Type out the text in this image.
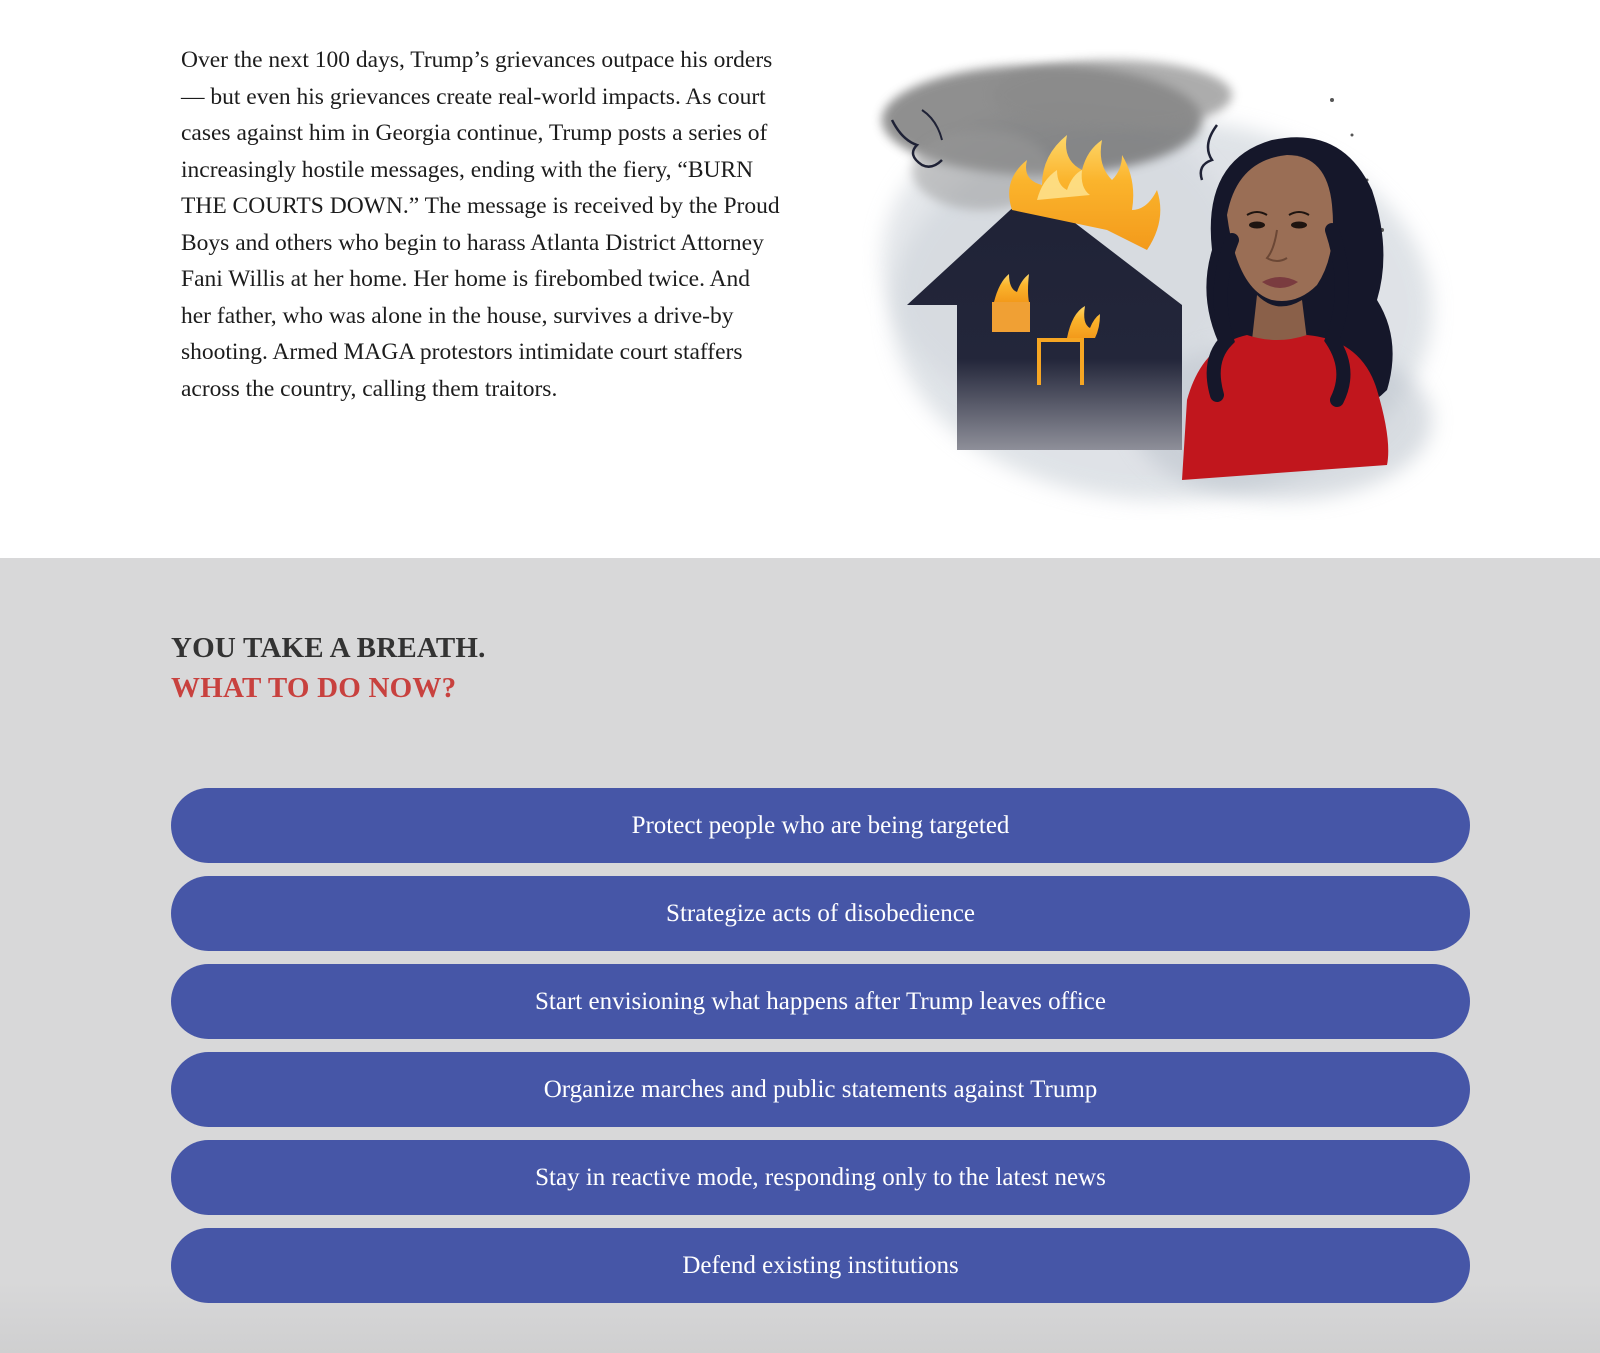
Over the next 100 days, Trump’s grievances outpace his orders — but even his grievances create real-world impacts. As court cases against him in Georgia continue, Trump posts a series of increasingly hostile messages, ending with the fiery, “BURN THE COURTS DOWN.” The message is received by the Proud Boys and others who begin to harass Atlanta District Attorney Fani Willis at her home. Her home is firebombed twice. And her father, who was alone in the house, survives a drive-by shooting. Armed MAGA protestors intimidate court staffers across the country, calling them traitors.

YOU TAKE A BREATH.
WHAT TO DO NOW?
Protect people who are being targeted
Strategize acts of disobedience
Start envisioning what happens after Trump leaves office
Organize marches and public statements against Trump
Stay in reactive mode, responding only to the latest news
Defend existing institutions
